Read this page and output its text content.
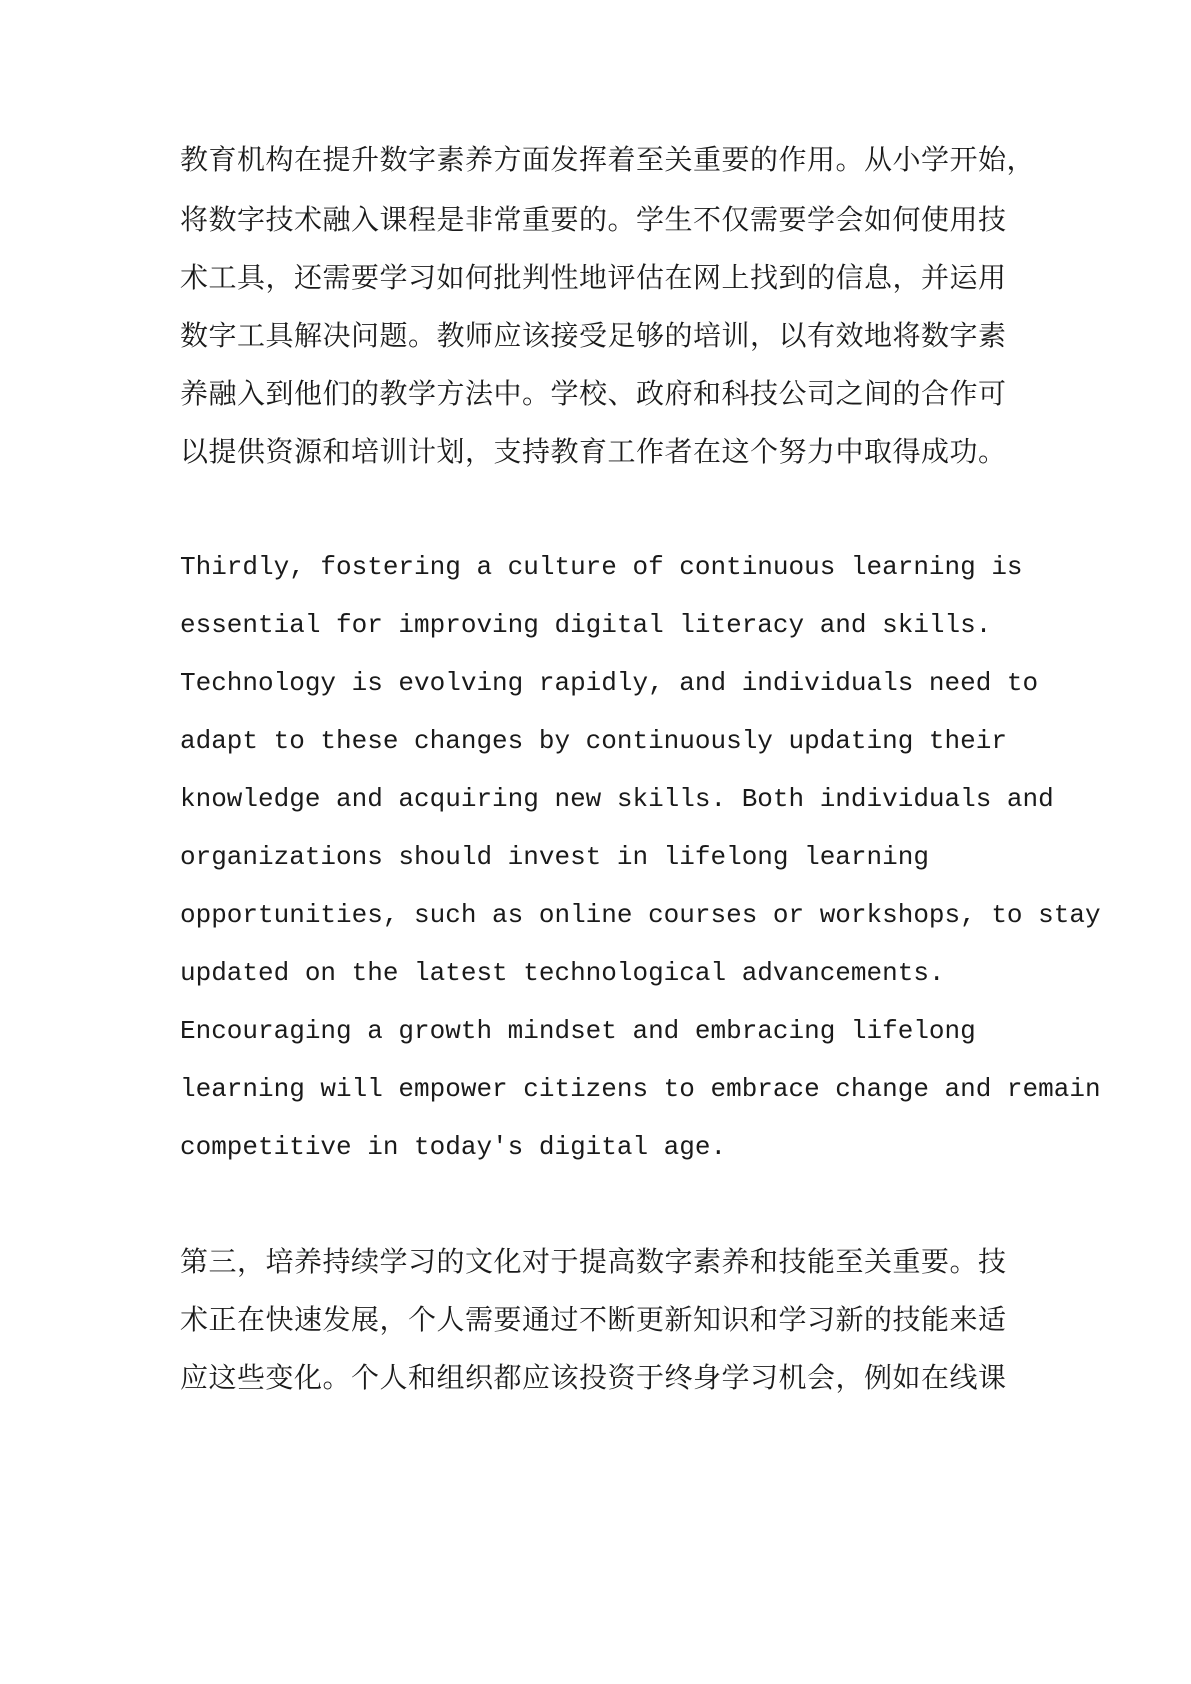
教育机构在提升数字素养方面发挥着至关重要的作用。从小学开始，
将数字技术融入课程是非常重要的。学生不仅需要学会如何使用技
术工具，还需要学习如何批判性地评估在网上找到的信息，并运用
数字工具解决问题。教师应该接受足够的培训，以有效地将数字素
养融入到他们的教学方法中。学校、政府和科技公司之间的合作可
以提供资源和培训计划，支持教育工作者在这个努力中取得成功。
Thirdly, fostering a culture of continuous learning is
essential for improving digital literacy and skills.
Technology is evolving rapidly, and individuals need to
adapt to these changes by continuously updating their
knowledge and acquiring new skills. Both individuals and
organizations should invest in lifelong learning
opportunities, such as online courses or workshops, to stay
updated on the latest technological advancements.
Encouraging a growth mindset and embracing lifelong
learning will empower citizens to embrace change and remain
competitive in today's digital age.
第三，培养持续学习的文化对于提高数字素养和技能至关重要。技
术正在快速发展，个人需要通过不断更新知识和学习新的技能来适
应这些变化。个人和组织都应该投资于终身学习机会，例如在线课
